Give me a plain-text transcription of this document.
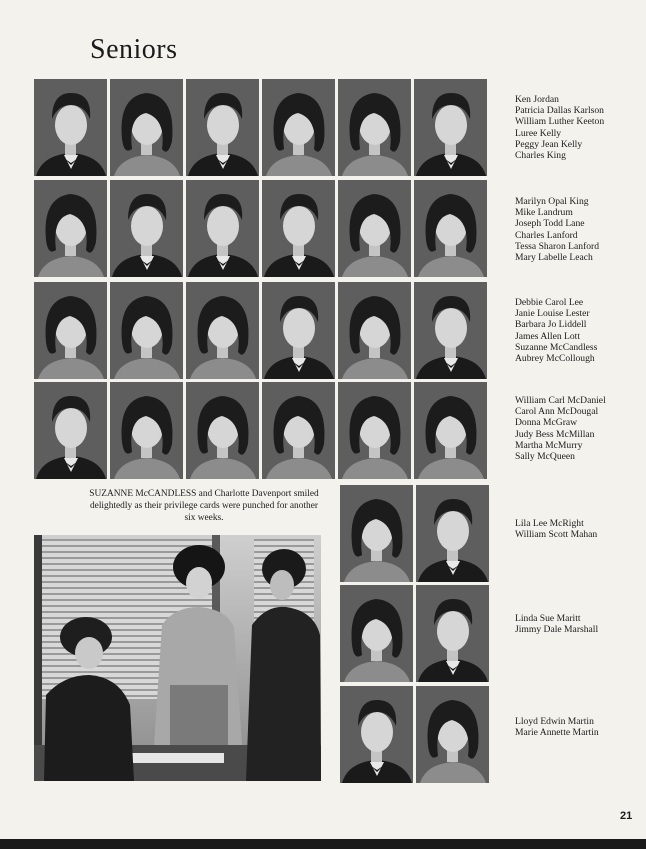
Seniors
Ken Jordan
Patricia Dallas Karlson
William Luther Keeton
Luree Kelly
Peggy Jean Kelly
Charles King
Marilyn Opal King
Mike Landrum
Joseph Todd Lane
Charles Lanford
Tessa Sharon Lanford
Mary Labelle Leach
Debbie Carol Lee
Janie Louise Lester
Barbara Jo Liddell
James Allen Lott
Suzanne McCandless
Aubrey McCollough
William Carl McDaniel
Carol Ann McDougal
Donna McGraw
Judy Bess McMillan
Martha McMurry
Sally McQueen
Lila Lee McRight
William Scott Mahan
Linda Sue Maritt
Jimmy Dale Marshall
Lloyd Edwin Martin
Marie Annette Martin
SUZANNE McCANDLESS and Charlotte Davenport smiled delightedly as their privilege cards were punched for another six weeks.
21
